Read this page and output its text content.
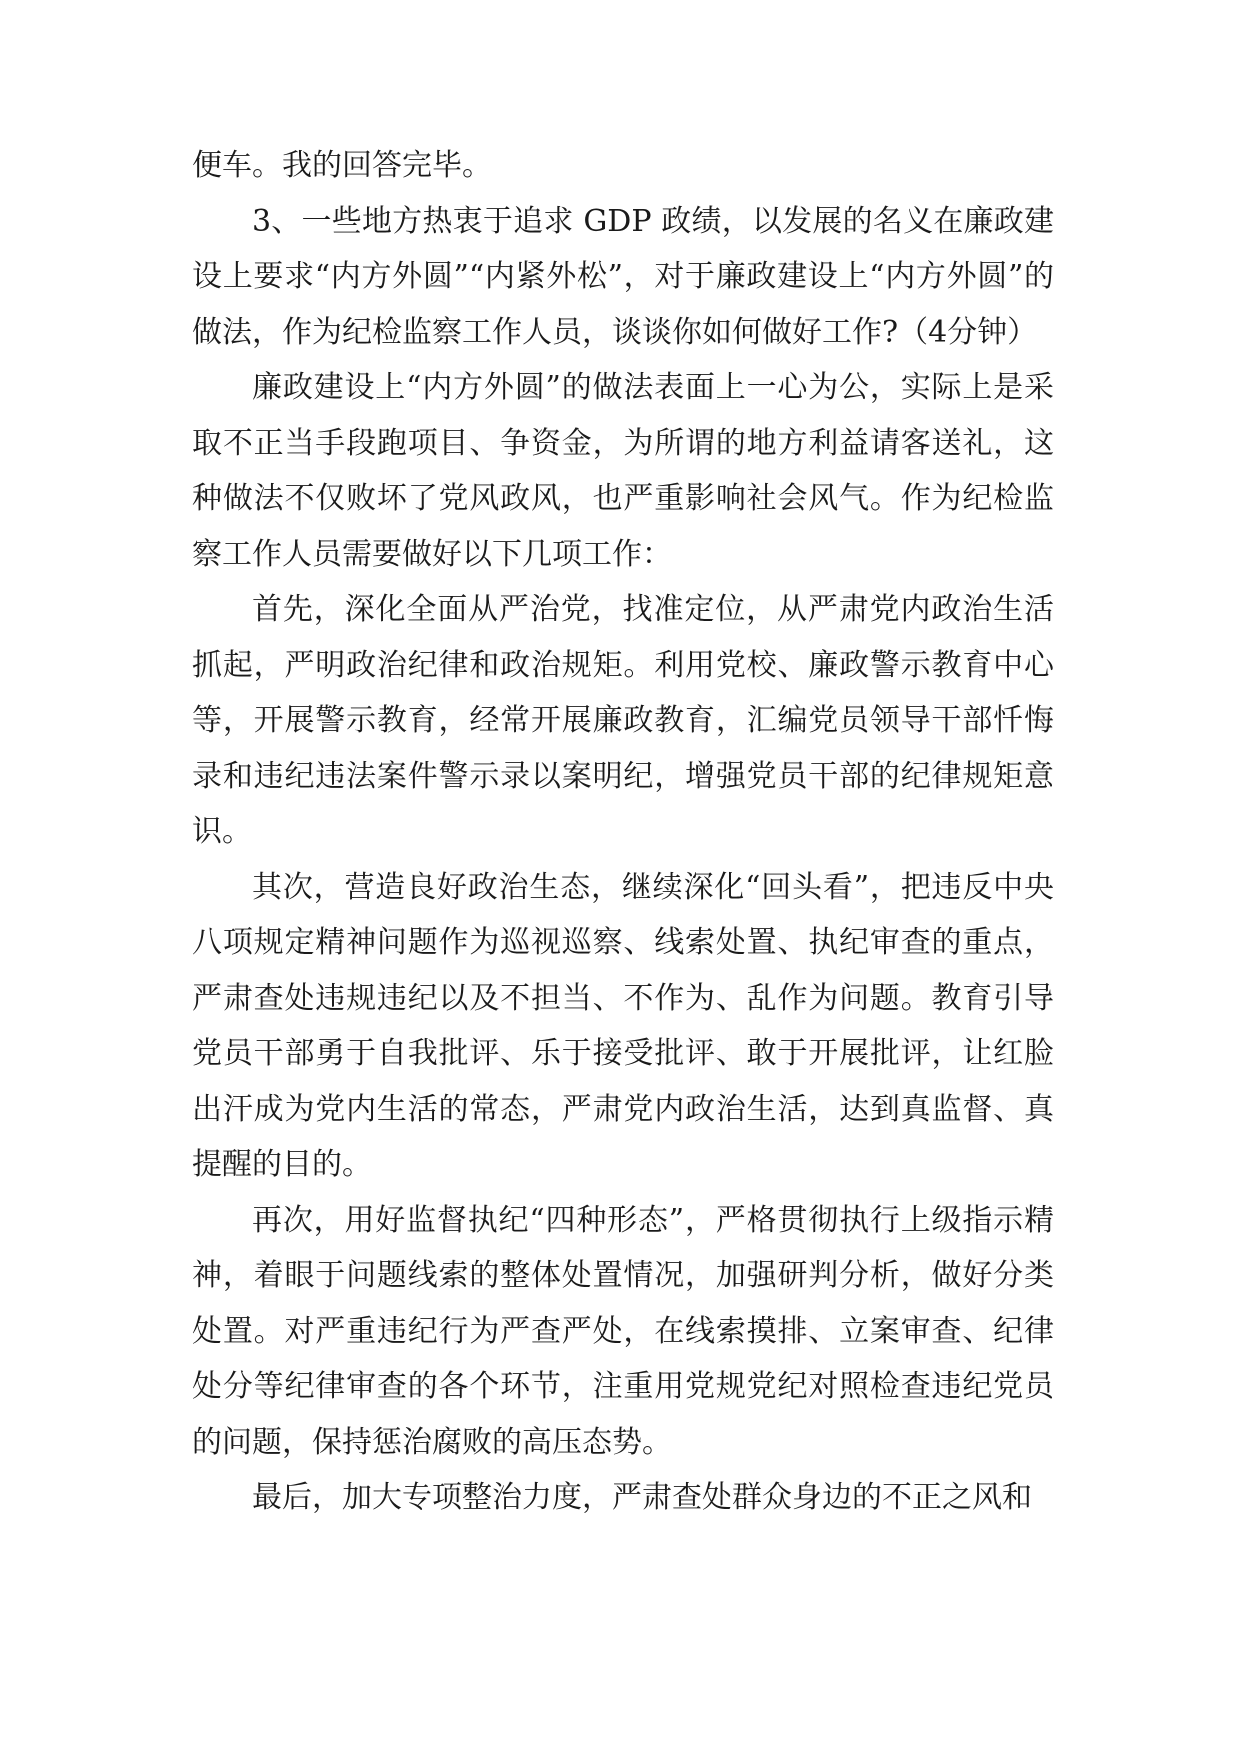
便车。我的回答完毕。

3、一些地方热衷于追求 GDP 政绩，以发展的名义在廉政建设上要求“内方外圆”“内紧外松”，对于廉政建设上“内方外圆”的做法，作为纪检监察工作人员，谈谈你如何做好工作?（4分钟）

廉政建设上“内方外圆”的做法表面上一心为公，实际上是采取不正当手段跑项目、争资金，为所谓的地方利益请客送礼，这种做法不仅败坏了党风政风，也严重影响社会风气。作为纪检监察工作人员需要做好以下几项工作：

首先，深化全面从严治党，找准定位，从严肃党内政治生活抓起，严明政治纪律和政治规矩。利用党校、廉政警示教育中心等，开展警示教育，经常开展廉政教育，汇编党员领导干部忏悔录和违纪违法案件警示录以案明纪，增强党员干部的纪律规矩意识。

其次，营造良好政治生态，继续深化“回头看”，把违反中央八项规定精神问题作为巡视巡察、线索处置、执纪审查的重点，严肃查处违规违纪以及不担当、不作为、乱作为问题。教育引导党员干部勇于自我批评、乐于接受批评、敢于开展批评，让红脸出汗成为党内生活的常态，严肃党内政治生活，达到真监督、真提醒的目的。

再次，用好监督执纪“四种形态”，严格贯彻执行上级指示精神，着眼于问题线索的整体处置情况，加强研判分析，做好分类处置。对严重违纪行为严查严处，在线索摸排、立案审查、纪律处分等纪律审查的各个环节，注重用党规党纪对照检查违纪党员的问题，保持惩治腐败的高压态势。

最后，加大专项整治力度，严肃查处群众身边的不正之风和
